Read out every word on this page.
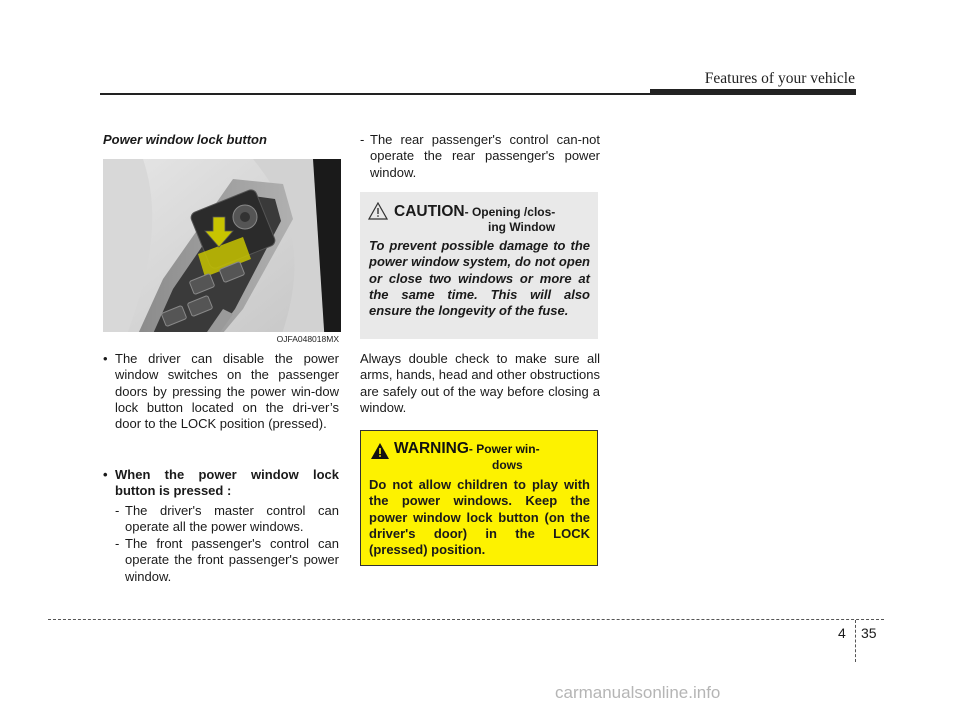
Features of your vehicle
Power window lock button
OJFA048018MX
• The driver can disable the power window switches on the passenger doors by pressing the power win-dow lock button located on the dri-ver’s door to the LOCK position (pressed).
• When the power window lock button is pressed :
- The driver's master control can operate all the power windows.
- The front passenger's control can operate the front passenger's power window.
- The rear passenger's control can-not operate the rear passenger's power window.
CAUTION- Opening /clos-
ing Window
To prevent possible damage to the power window system, do not open or close two windows or more at the same time. This will also ensure the longevity of the fuse.
Always double check to make sure all arms, hands, head and other obstructions are safely out of the way before closing a window.
WARNING- Power win-
dows
Do not allow children to play with the power windows. Keep the power window lock button (on the driver's door) in the LOCK (pressed) position.
4 35
carmanualsonline.info
